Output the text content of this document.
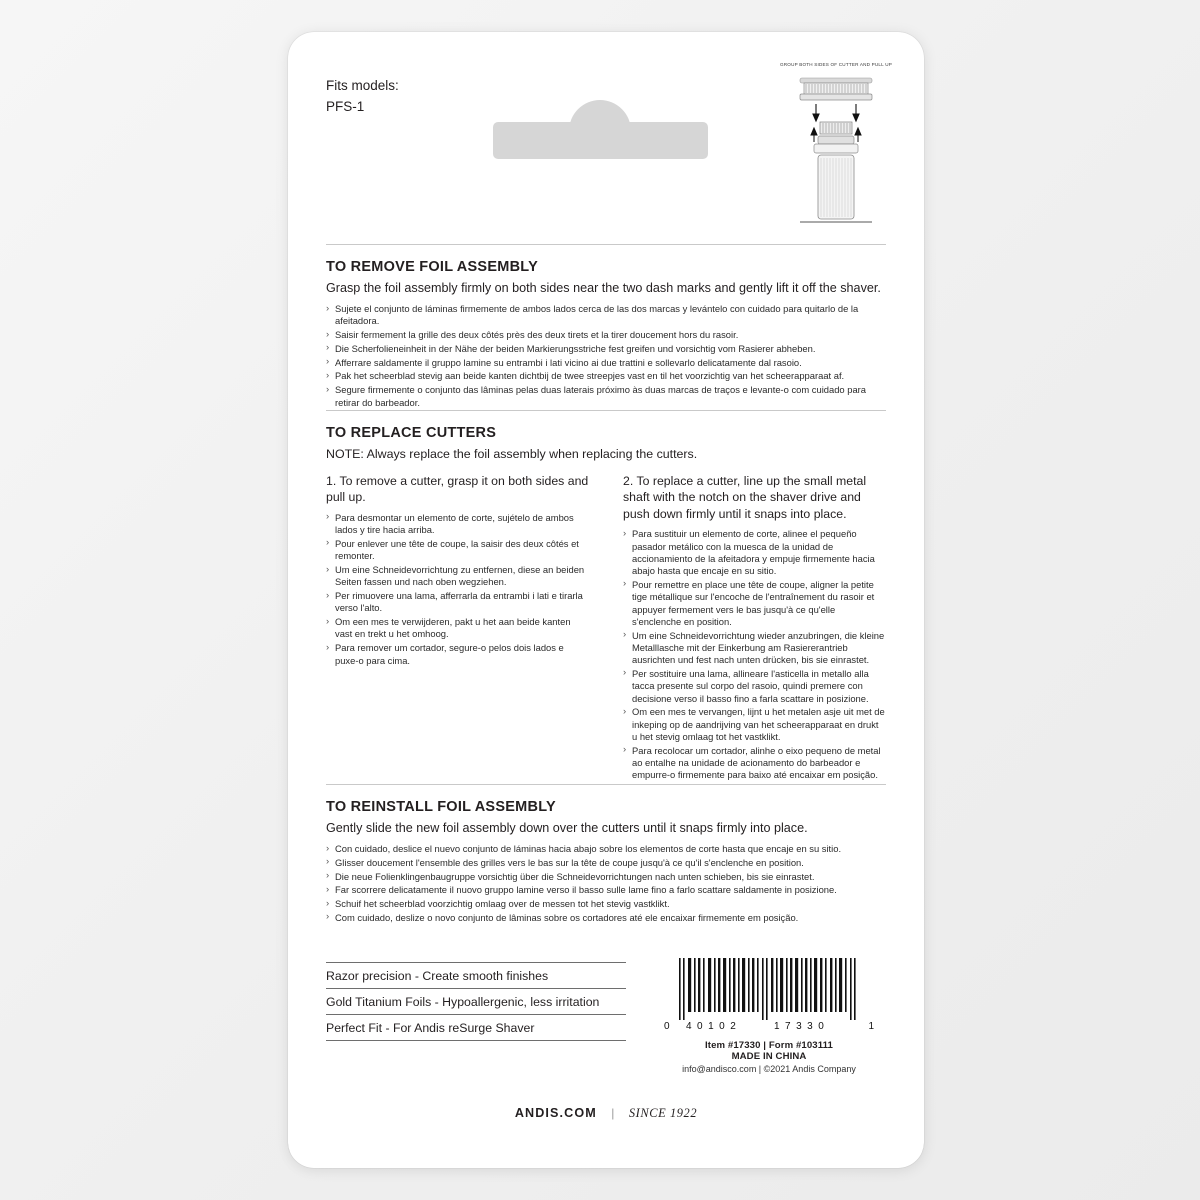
Fits models:
PFS-1
GROUP BOTH SIDES OF CUTTER AND PULL UP
TO REMOVE FOIL ASSEMBLY

Grasp the foil assembly firmly on both sides near the two dash marks and gently lift it off the shaver.

› Sujete el conjunto de láminas firmemente de ambos lados cerca de las dos marcas y levántelo con cuidado para quitarlo de la afeitadora.
› Saisir fermement la grille des deux côtés près des deux tirets et la tirer doucement hors du rasoir.
› Die Scherfolieneinheit in der Nähe der beiden Markierungsstriche fest greifen und vorsichtig vom Rasierer abheben.
› Afferrare saldamente il gruppo lamine su entrambi i lati vicino ai due trattini e sollevarlo delicatamente dal rasoio.
› Pak het scheerblad stevig aan beide kanten dichtbij de twee streepjes vast en til het voorzichtig van het scheerapparaat af.
› Segure firmemente o conjunto das lâminas pelas duas laterais próximo às duas marcas de traços e levante-o com cuidado para retirar do barbeador.
TO REPLACE CUTTERS

NOTE: Always replace the foil assembly when replacing the cutters.

1. To remove a cutter, grasp it on both sides and pull up.

› Para desmontar un elemento de corte, sujételo de ambos lados y tire hacia arriba.
› Pour enlever une tête de coupe, la saisir des deux côtés et remonter.
› Um eine Schneidevorrichtung zu entfernen, diese an beiden Seiten fassen und nach oben wegziehen.
› Per rimuovere una lama, afferrarla da entrambi i lati e tirarla verso l'alto.
› Om een mes te verwijderen, pakt u het aan beide kanten vast en trekt u het omhoog.
› Para remover um cortador, segure-o pelos dois lados e puxe-o para cima.

2. To replace a cutter, line up the small metal shaft with the notch on the shaver drive and push down firmly until it snaps into place.

› Para sustituir un elemento de corte, alinee el pequeño pasador metálico con la muesca de la unidad de accionamiento de la afeitadora y empuje firmemente hacia abajo hasta que encaje en su sitio.
› Pour remettre en place une tête de coupe, aligner la petite tige métallique sur l'encoche de l'entraînement du rasoir et appuyer fermement vers le bas jusqu'à ce qu'elle s'enclenche en position.
› Um eine Schneidevorrichtung wieder anzubringen, die kleine Metalllasche mit der Einkerbung am Rasiererantrieb ausrichten und fest nach unten drücken, bis sie einrastet.
› Per sostituire una lama, allineare l'asticella in metallo alla tacca presente sul corpo del rasoio, quindi premere con decisione verso il basso fino a farla scattare in posizione.
› Om een mes te vervangen, lijnt u het metalen asje uit met de inkeping op de aandrijving van het scheerapparaat en drukt u het stevig omlaag tot het vastklikt.
› Para recolocar um cortador, alinhe o eixo pequeno de metal ao entalhe na unidade de acionamento do barbeador e empurre-o firmemente para baixo até encaixar em posição.
TO REINSTALL FOIL ASSEMBLY

Gently slide the new foil assembly down over the cutters until it snaps firmly into place.

› Con cuidado, deslice el nuevo conjunto de láminas hacia abajo sobre los elementos de corte hasta que encaje en su sitio.
› Glisser doucement l'ensemble des grilles vers le bas sur la tête de coupe jusqu'à ce qu'il s'enclenche en position.
› Die neue Folienklingenbaugruppe vorsichtig über die Schneidevorrichtungen nach unten schieben, bis sie einrastet.
› Far scorrere delicatamente il nuovo gruppo lamine verso il basso sulle lame fino a farlo scattare saldamente in posizione.
› Schuif het scheerblad voorzichtig omlaag over de messen tot het stevig vastklikt.
› Com cuidado, deslize o novo conjunto de lâminas sobre os cortadores até ele encaixar firmemente em posição.
Razor precision - Create smooth finishes
Gold Titanium Foils - Hypoallergenic, less irritation
Perfect Fit - For Andis reSurge Shaver	0 40102	17330	1
Item #17330 | Form #103111
MADE IN CHINA
info@andisco.com | ©2021 Andis Company
ANDIS.COM | SINCE 1922
